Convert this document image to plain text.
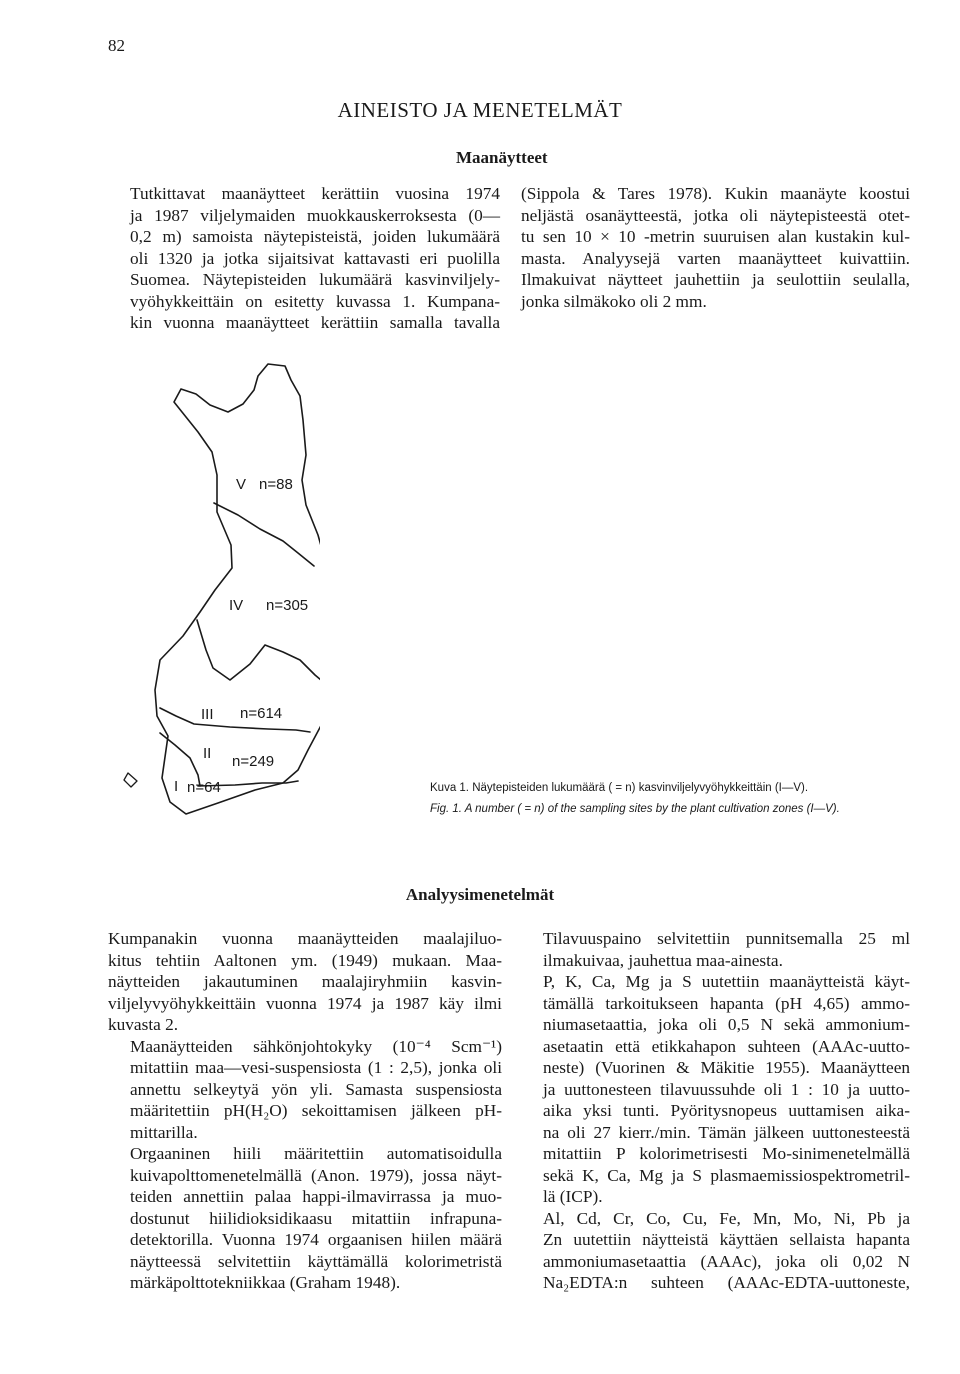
82
AINEISTO JA MENETELMÄT
Maanäytteet

Tutkittavat maanäytteet kerättiin vuosina 1974
ja 1987 viljelymaiden muokkauskerroksesta (0—
0,2 m) samoista näytepisteistä, joiden lukumäärä
oli 1320 ja jotka sijaitsivat kattavasti eri puolilla
Suomea. Näytepisteiden lukumäärä kasvinviljely-
vyöhykkeittäin on esitetty kuvassa 1. Kumpana-
kin vuonna maanäytteet kerättiin samalla tavalla

(Sippola & Tares 1978). Kukin maanäyte koostui
neljästä osanäytteestä, jotka oli näytepisteestä otet-
tu sen 10 × 10 -metrin suuruisen alan kustakin kul-
masta. Analyysejä varten maanäytteet kuivattiin.
Ilmakuivat näytteet jauhettiin ja seulottiin seulalla,
jonka silmäkoko oli 2 mm.

V n=88
IV n=305
III n=614
II n=249
I n=64	Kuva 1. Näytepisteiden lukumäärä ( = n) kasvinviljelyvyöhykkeittäin (I—V).
Fig. 1. A number ( = n) of the sampling sites by the plant cultivation zones (I—V).
Analyysimenetelmät

Kumpanakin vuonna maanäytteiden maalajiluo-
kitus tehtiin Aaltonen ym. (1949) mukaan. Maa-
näytteiden jakautuminen maalajiryhmiin kasvin-
viljelyvyöhykkeittäin vuonna 1974 ja 1987 käy ilmi
kuvasta 2.

Maanäytteiden sähkönjohtokyky (10⁻⁴ Scm⁻¹)
mitattiin maa—vesi-suspensiosta (1 : 2,5), jonka oli
annettu selkeytyä yön yli. Samasta suspensiosta
määritettiin pH(H₂O) sekoittamisen jälkeen pH-
mittarilla.

Orgaaninen hiili määritettiin automatisoidulla
kuivapolttomenetelmällä (Anon. 1979), jossa näyt-
teiden annettiin palaa happi-ilmavirrassa ja muo-
dostunut hiilidioksidikaasu mitattiin infrapuna-
detektorilla. Vuonna 1974 orgaanisen hiilen määrä
näytteessä selvitettiin käyttämällä kolorimetristä
märkäpolttotekniikkaa (Graham 1948).

Tilavuuspaino selvitettiin punnitsemalla 25 ml
ilmakuivaa, jauhettua maa-ainesta.

P, K, Ca, Mg ja S uutettiin maanäytteistä käyt-
tämällä tarkoitukseen hapanta (pH 4,65) ammo-
niumasetaattia, joka oli 0,5 N sekä ammonium-
asetaatin että etikkahapon suhteen (AAAc-uutto-
neste) (Vuorinen & Mäkitie 1955). Maanäytteen
ja uuttonesteen tilavuussuhde oli 1 : 10 ja uutto-
aika yksi tunti. Pyöritysnopeus uuttamisen aika-
na oli 27 kierr./min. Tämän jälkeen uuttonesteestä
mitattiin P kolorimetrisesti Mo-sinimenetelmällä
sekä K, Ca, Mg ja S plasmaemissiospektrometril-
lä (ICP).

Al, Cd, Cr, Co, Cu, Fe, Mn, Mo, Ni, Pb ja
Zn uutettiin näytteistä käyttäen sellaista hapanta
ammoniumasetaattia (AAAc), joka oli 0,02 N
Na₂EDTA:n suhteen (AAAc-EDTA-uuttoneste,
